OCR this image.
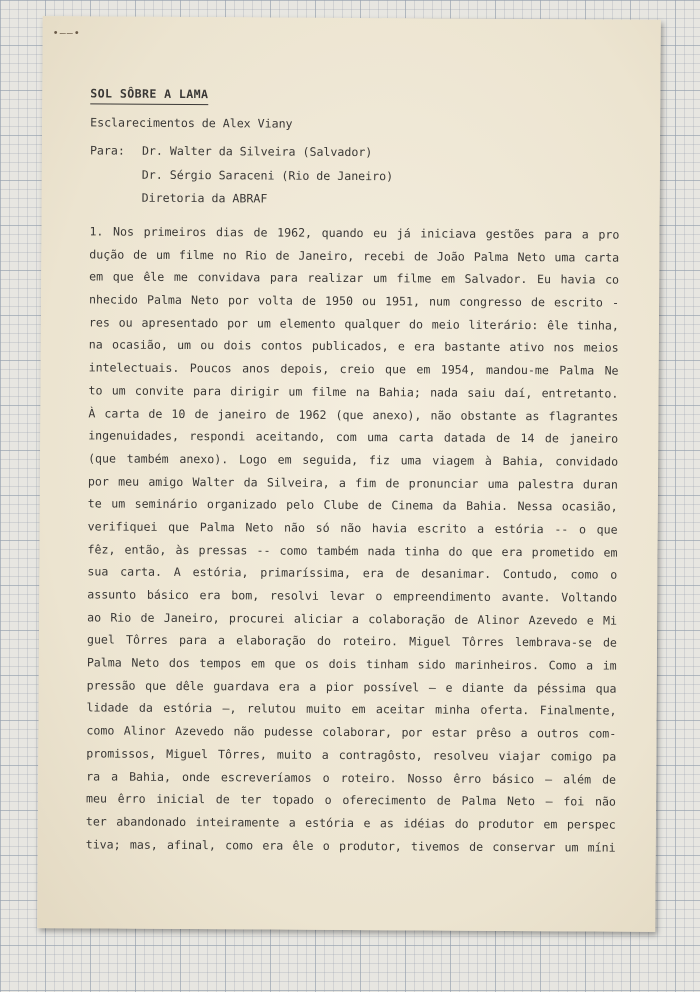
•‒‒•
SOL SÔBRE A LAMA

Esclarecimentos de Alex Viany

Para: Dr. Walter da Silveira (Salvador)
Dr. Sérgio Saraceni (Rio de Janeiro)
Diretoria da ABRAF
1. Nos primeiros dias de 1962, quando eu já iniciava gestões para a pro
dução de um filme no Rio de Janeiro, recebi de João Palma Neto uma carta
em que êle me convidava para realizar um filme em Salvador. Eu havia co
nhecido Palma Neto por volta de 1950 ou 1951, num congresso de escrito -
res ou apresentado por um elemento qualquer do meio literário: êle tinha,
na ocasião, um ou dois contos publicados, e era bastante ativo nos meios
intelectuais. Poucos anos depois, creio que em 1954, mandou-me Palma Ne
to um convite para dirigir um filme na Bahia; nada saiu daí, entretanto.
À carta de 10 de janeiro de 1962 (que anexo), não obstante as flagrantes
ingenuidades, respondi aceitando, com uma carta datada de 14 de janeiro
(que também anexo). Logo em seguida, fiz uma viagem à Bahia, convidado
por meu amigo Walter da Silveira, a fim de pronunciar uma palestra duran
te um seminário organizado pelo Clube de Cinema da Bahia. Nessa ocasião,
verifiquei que Palma Neto não só não havia escrito a estória -- o que
fêz, então, às pressas -- como também nada tinha do que era prometido em
sua carta. A estória, primaríssima, era de desanimar. Contudo, como o
assunto básico era bom, resolvi levar o empreendimento avante. Voltando
ao Rio de Janeiro, procurei aliciar a colaboração de Alinor Azevedo e Mi
guel Tôrres para a elaboração do roteiro. Miguel Tôrres lembrava-se de
Palma Neto dos tempos em que os dois tinham sido marinheiros. Como a im
pressão que dêle guardava era a pior possível — e diante da péssima qua
lidade da estória —, relutou muito em aceitar minha oferta. Finalmente,
como Alinor Azevedo não pudesse colaborar, por estar prêso a outros com-
promissos, Miguel Tôrres, muito a contragôsto, resolveu viajar comigo pa
ra a Bahia, onde escreveríamos o roteiro. Nosso êrro básico — além de
meu êrro inicial de ter topado o oferecimento de Palma Neto — foi não
ter abandonado inteiramente a estória e as idéias do produtor em perspec
tiva; mas, afinal, como era êle o produtor, tivemos de conservar um míni
